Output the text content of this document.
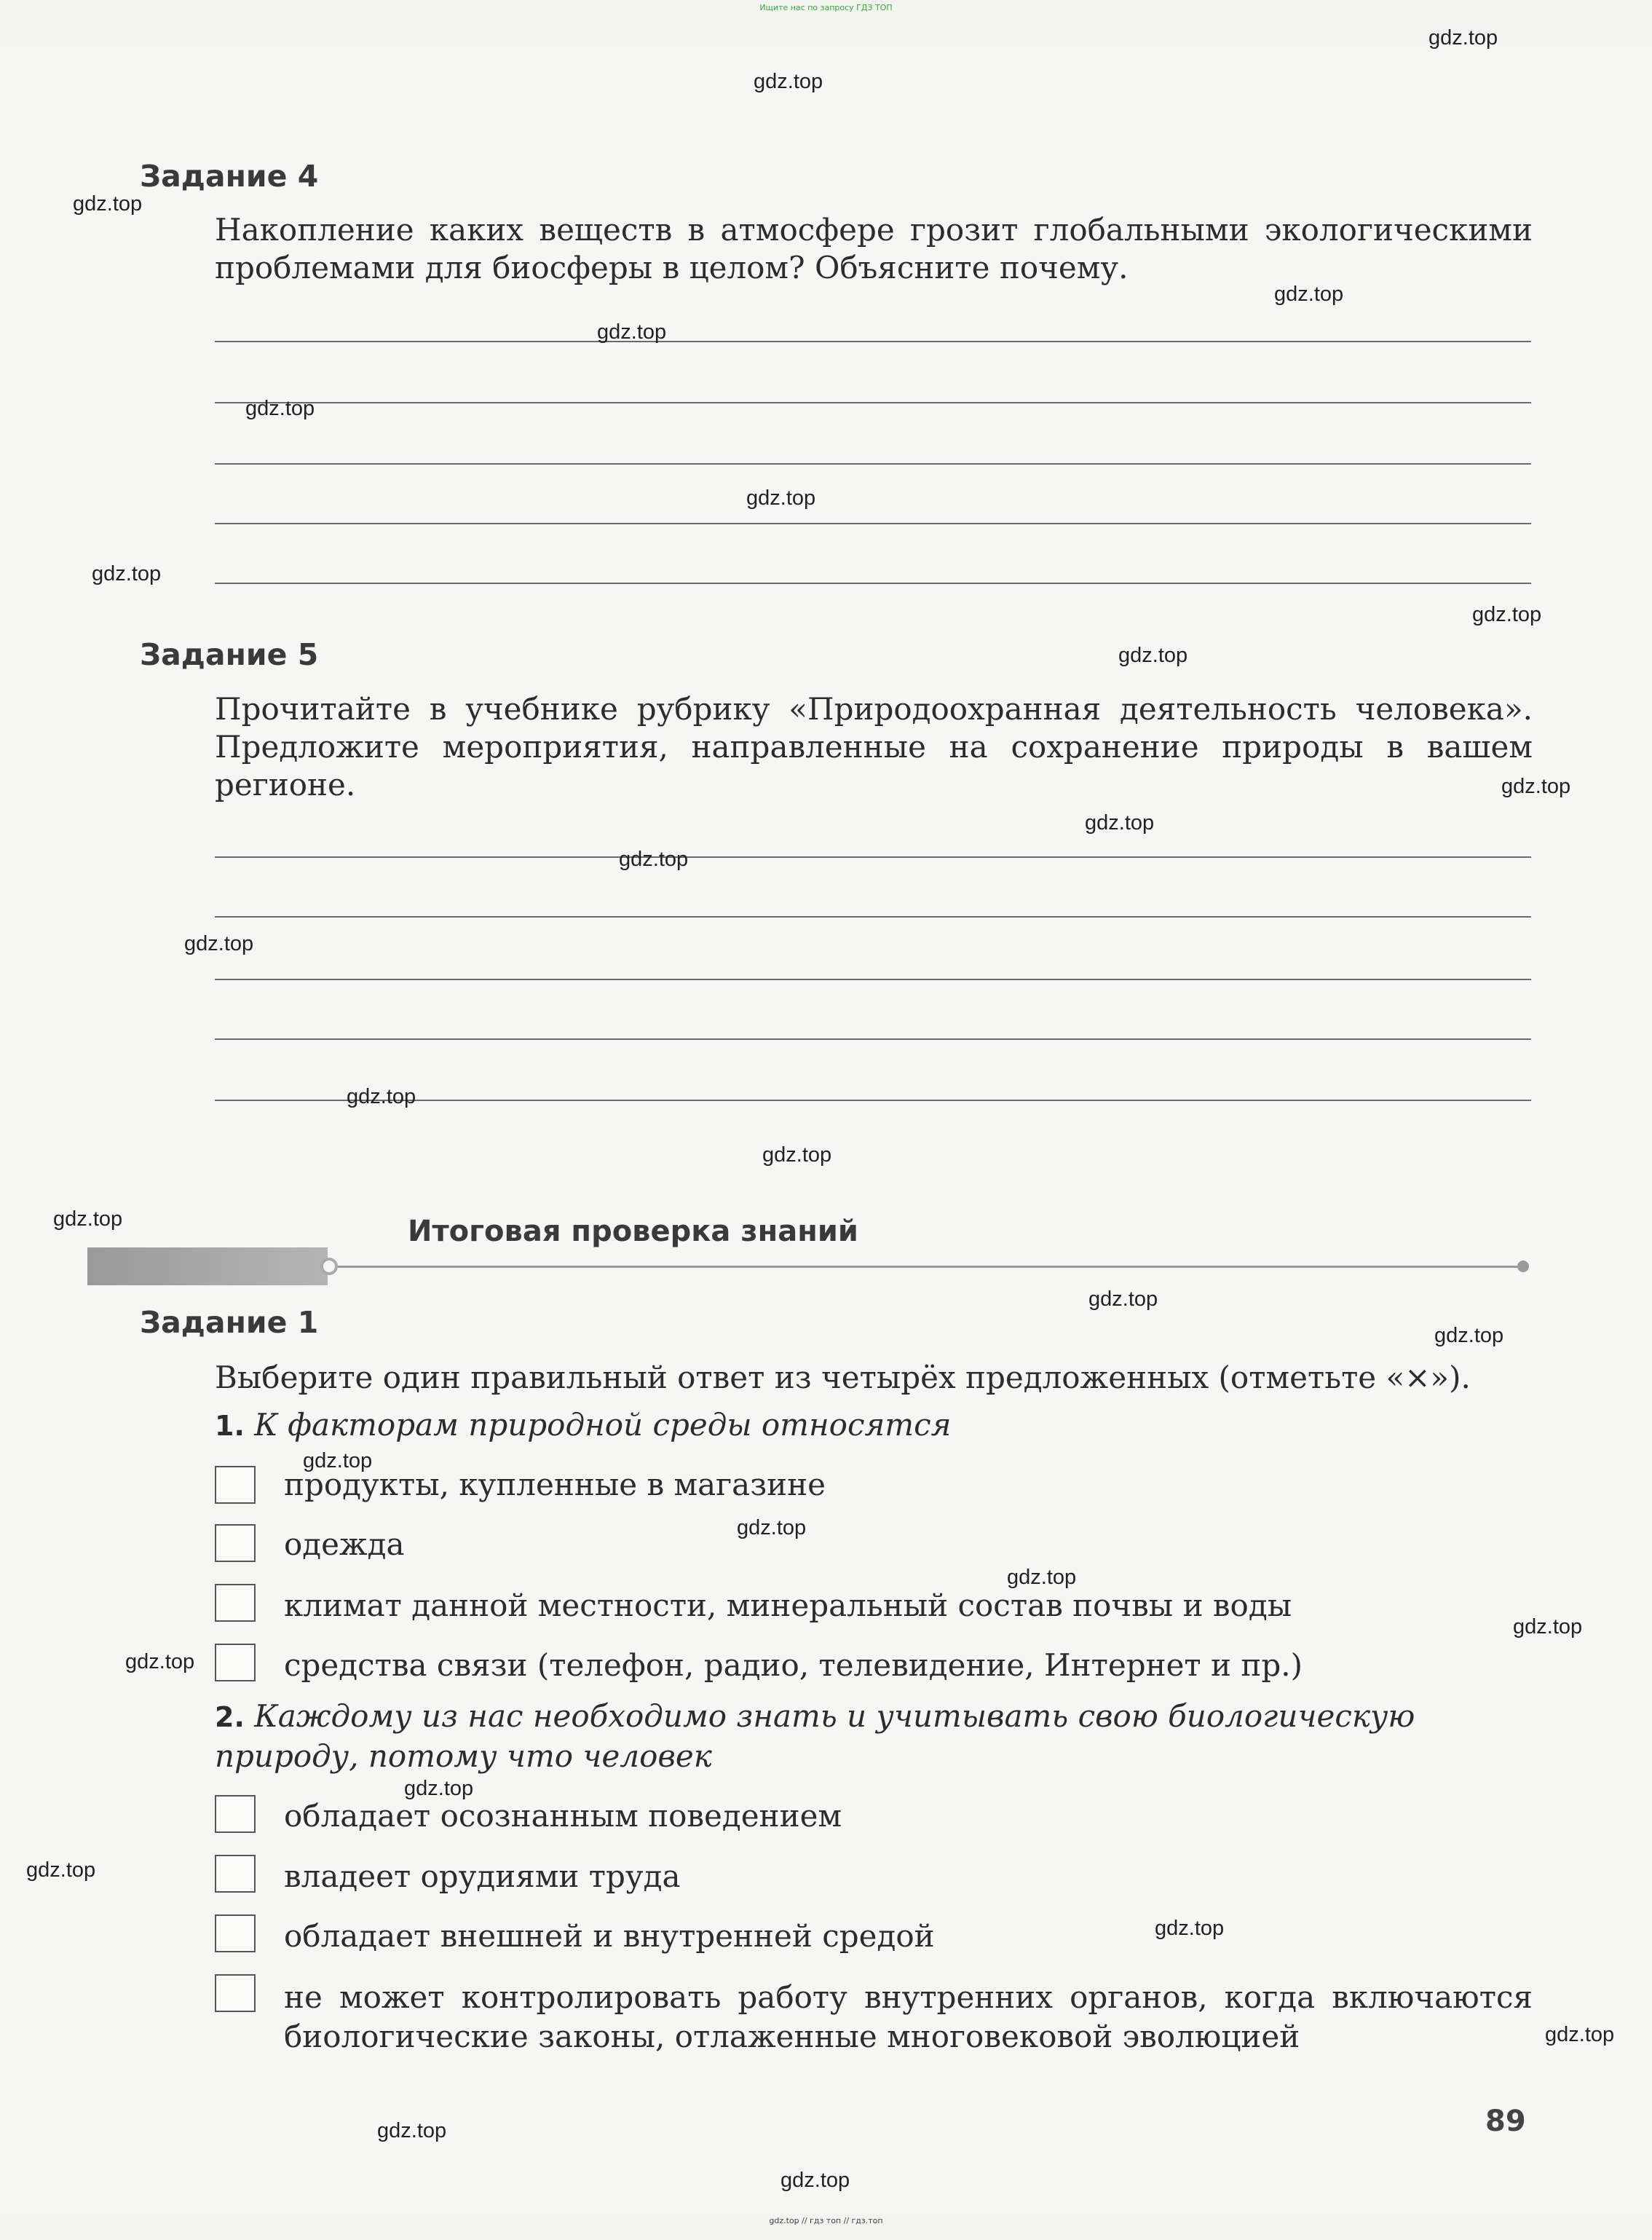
Ищите нас по запросу ГДЗ ТОП
Задание 4
Накопление каких веществ в атмосфере грозит глобальными экологическими проблемами для биосферы в целом? Объясните почему.
Задание 5
Прочитайте в учебнике рубрику «Природоохранная деятельность человека». Предложите мероприятия, направленные на сохранение природы в вашем регионе.
Итоговая проверка знаний
Задание 1
Выберите один правильный ответ из четырёх предложенных (отметьте «×»).
1. К факторам природной среды относятся
продукты, купленные в магазине
одежда
климат данной местности, минеральный состав почвы и воды
средства связи (телефон, радио, телевидение, Интернет и пр.)
2. Каждому из нас необходимо знать и учитывать свою биологическую природу, потому что человек
обладает осознанным поведением
владеет орудиями труда
обладает внешней и внутренней средой
не может контролировать работу внутренних органов, когда включаются биологические законы, отлаженные многовековой эволюцией
89
gdz.top
gdz.top
gdz.top
gdz.top
gdz.top
gdz.top
gdz.top
gdz.top
gdz.top
gdz.top
gdz.top
gdz.top
gdz.top
gdz.top
gdz.top
gdz.top
gdz.top
gdz.top
gdz.top
gdz.top
gdz.top
gdz.top
gdz.top
gdz.top
gdz.top
gdz.top
gdz.top
gdz.top
gdz.top
gdz.top
gdz.top // гдз топ // гдз.топ
